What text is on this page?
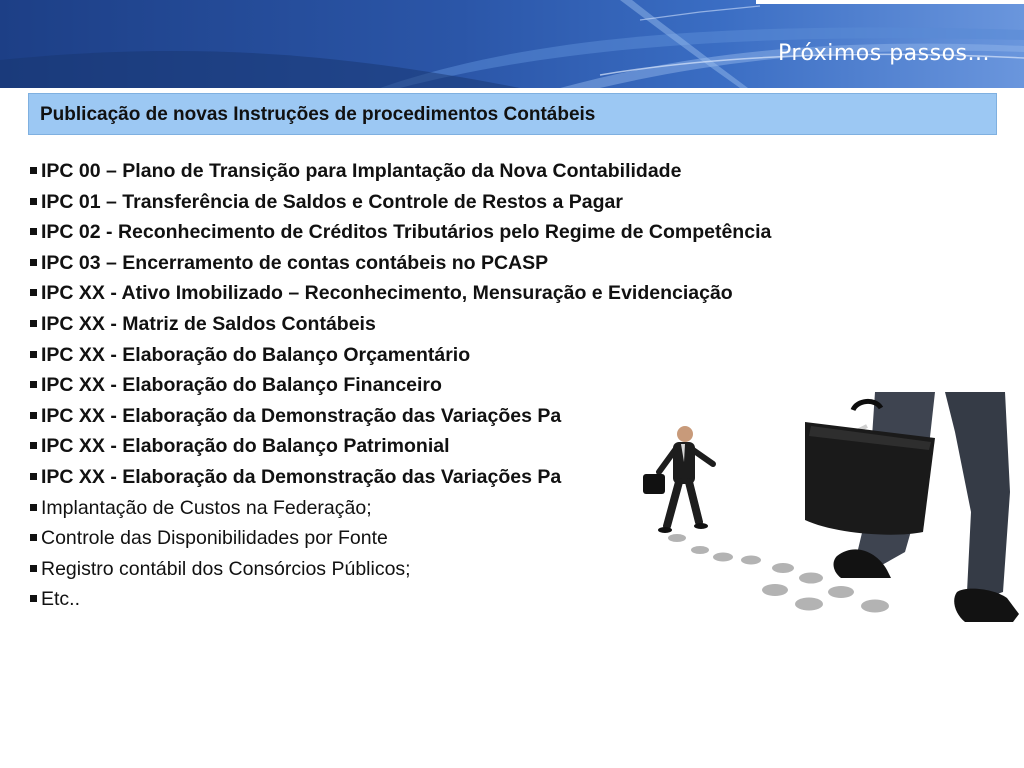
Próximos passos...
Publicação de novas Instruções de procedimentos Contábeis
IPC 00 – Plano de Transição para Implantação da Nova Contabilidade
IPC 01 – Transferência de Saldos e Controle de Restos a Pagar
IPC 02 - Reconhecimento de Créditos Tributários pelo Regime de Competência
IPC 03 – Encerramento de contas contábeis no PCASP
IPC XX - Ativo Imobilizado – Reconhecimento, Mensuração e Evidenciação
IPC XX - Matriz de Saldos Contábeis
IPC XX - Elaboração do Balanço Orçamentário
IPC XX - Elaboração do Balanço Financeiro
IPC XX - Elaboração da Demonstração das Variações Pa
IPC XX - Elaboração do Balanço Patrimonial
IPC XX - Elaboração da Demonstração das Variações Pa
Implantação de Custos na Federação;
Controle das Disponibilidades por Fonte
Registro contábil dos Consórcios Públicos;
Etc..
